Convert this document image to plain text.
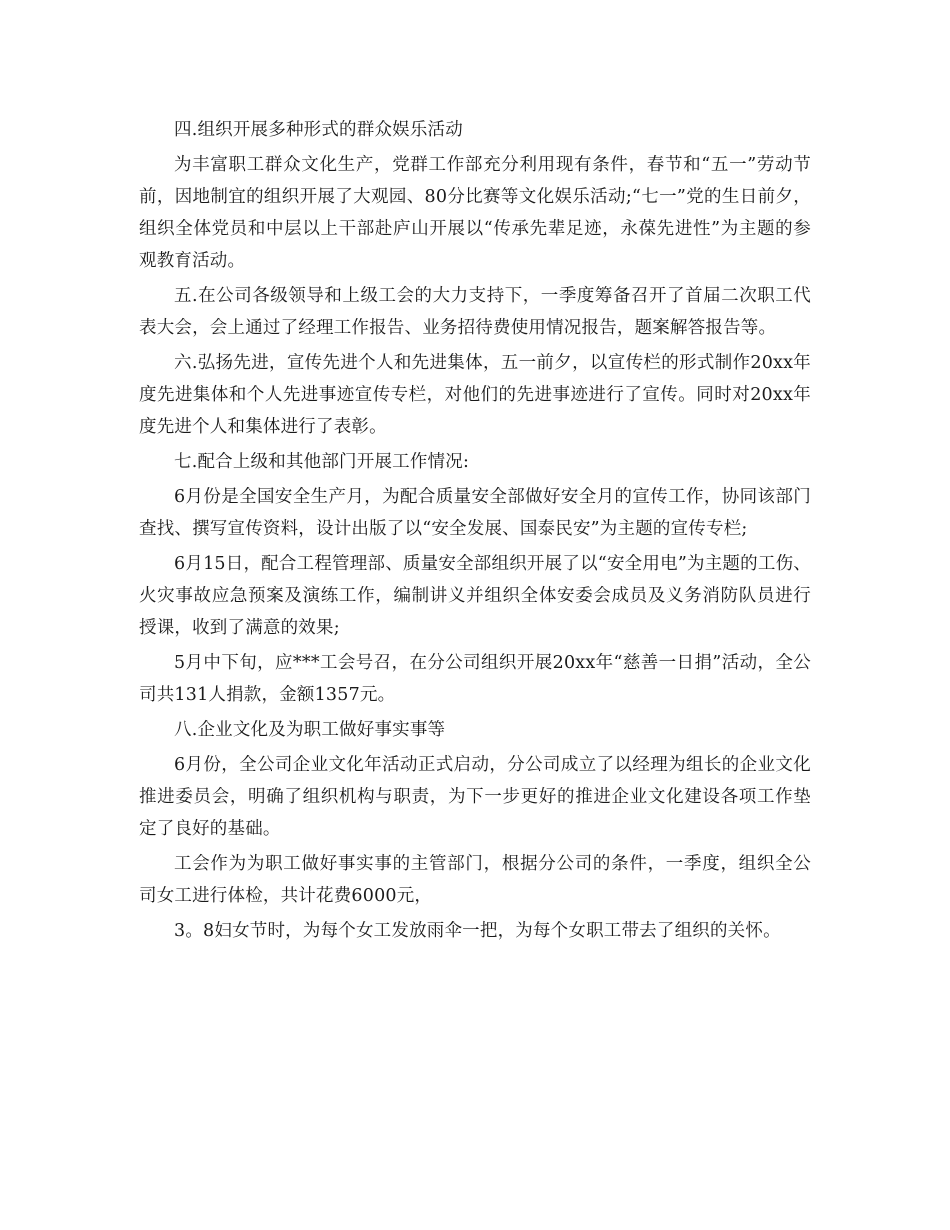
四.组织开展多种形式的群众娱乐活动

为丰富职工群众文化生产，党群工作部充分利用现有条件，春节和“五一”劳动节前，因地制宜的组织开展了大观园、80分比赛等文化娱乐活动;“七一”党的生日前夕，组织全体党员和中层以上干部赴庐山开展以“传承先辈足迹，永葆先进性”为主题的参观教育活动。

五.在公司各级领导和上级工会的大力支持下，一季度筹备召开了首届二次职工代表大会，会上通过了经理工作报告、业务招待费使用情况报告，题案解答报告等。

六.弘扬先进，宣传先进个人和先进集体，五一前夕，以宣传栏的形式制作20xx年度先进集体和个人先进事迹宣传专栏，对他们的先进事迹进行了宣传。同时对20xx年度先进个人和集体进行了表彰。

七.配合上级和其他部门开展工作情况:

6月份是全国安全生产月，为配合质量安全部做好安全月的宣传工作，协同该部门查找、撰写宣传资料，设计出版了以“安全发展、国泰民安”为主题的宣传专栏;

6月15日，配合工程管理部、质量安全部组织开展了以“安全用电”为主题的工伤、火灾事故应急预案及演练工作，编制讲义并组织全体安委会成员及义务消防队员进行授课，收到了满意的效果;

5月中下旬，应***工会号召，在分公司组织开展20xx年“慈善一日捐”活动，全公司共131人捐款，金额1357元。

八.企业文化及为职工做好事实事等

6月份，全公司企业文化年活动正式启动，分公司成立了以经理为组长的企业文化推进委员会，明确了组织机构与职责，为下一步更好的推进企业文化建设各项工作垫定了良好的基础。

工会作为为职工做好事实事的主管部门，根据分公司的条件，一季度，组织全公司女工进行体检，共计花费6000元，

3。8妇女节时，为每个女工发放雨伞一把，为每个女职工带去了组织的关怀。
